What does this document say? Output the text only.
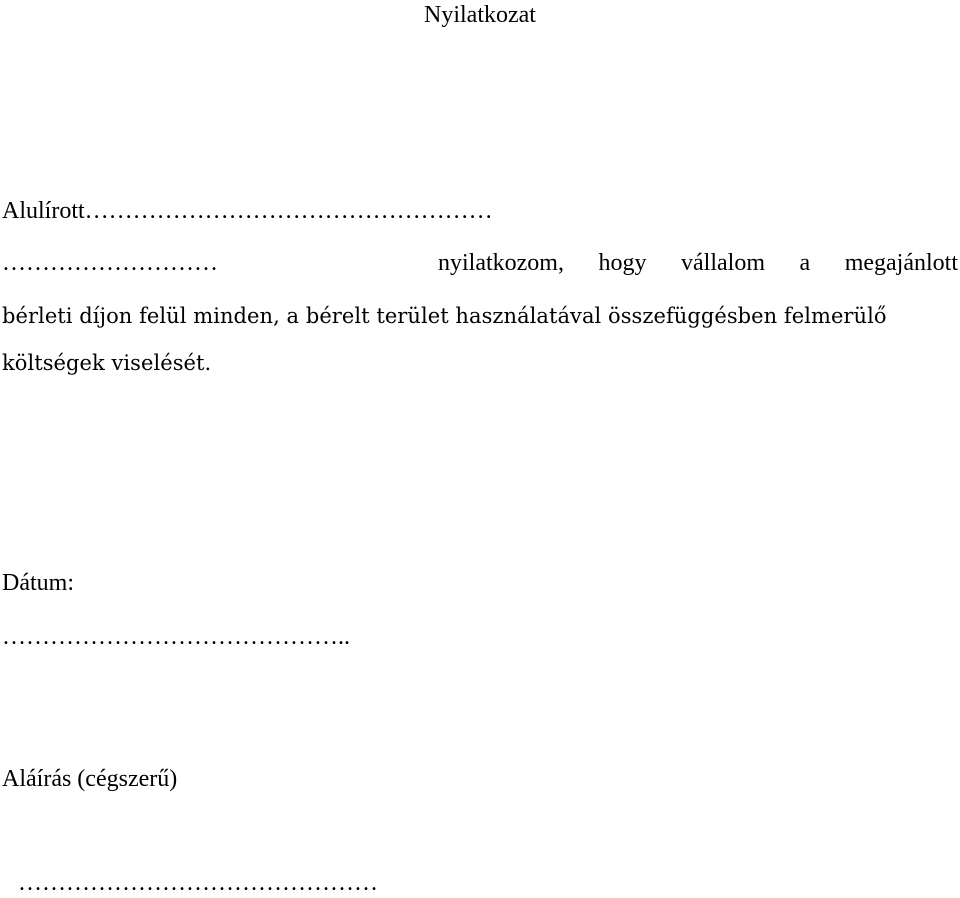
Nyilatkozat
Alulírott……………………………………………
………………………	nyilatkozom, hogy vállalom a megajánlott
bérleti díjon felül minden, a bérelt terület használatával összefüggésben felmerülő
költségek viselését.
Dátum:
……………………………………..
Aláírás (cégszerű)
………………………………………
